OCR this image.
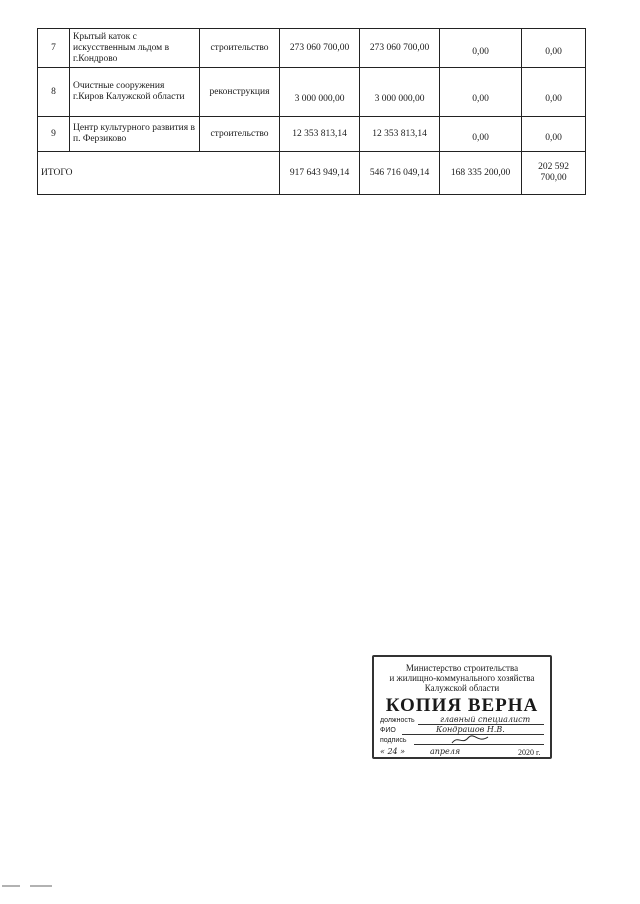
7	Крытый каток с искусственным льдом в г.Кондрово	строительство	273 060 700,00	273 060 700,00	0,00	0,00

8	Очистные сооружения г.Киров Калужской области	реконструкция	3 000 000,00	3 000 000,00	0,00	0,00

9	Центр культурного развития в п. Ферзиково	строительство	12 353 813,14	12 353 813,14	0,00	0,00

ИТОГО			917 643 949,14	546 716 049,14	168 335 200,00	202 592 700,00
Министерство строительства
и жилищно-коммунального хозяйства
Калужской области
КОПИЯ ВЕРНА
должность	главный специалист
ФИО	Кондрашов Н.В.
подпись
« 24 »	апреля	2020 г.
